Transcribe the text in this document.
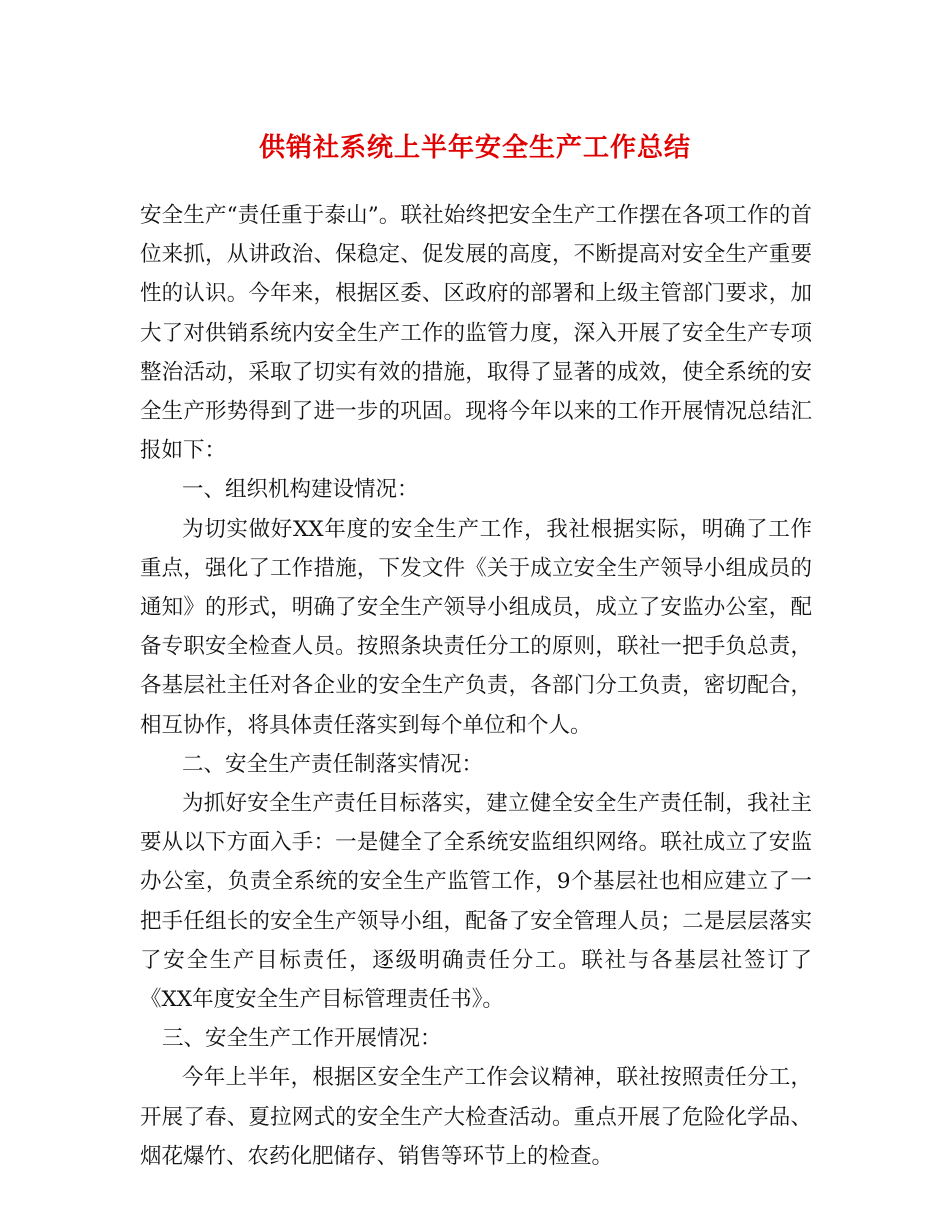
供销社系统上半年安全生产工作总结

安全生产“责任重于泰山”。联社始终把安全生产工作摆在各项工作的首位来抓，从讲政治、保稳定、促发展的高度，不断提高对安全生产重要性的认识。今年来，根据区委、区政府的部署和上级主管部门要求，加大了对供销系统内安全生产工作的监管力度，深入开展了安全生产专项整治活动，采取了切实有效的措施，取得了显著的成效，使全系统的安全生产形势得到了进一步的巩固。现将今年以来的工作开展情况总结汇报如下：

一、组织机构建设情况：

为切实做好XX年度的安全生产工作，我社根据实际，明确了工作重点，强化了工作措施，下发文件《关于成立安全生产领导小组成员的通知》的形式，明确了安全生产领导小组成员，成立了安监办公室，配备专职安全检查人员。按照条块责任分工的原则，联社一把手负总责，各基层社主任对各企业的安全生产负责，各部门分工负责，密切配合，相互协作，将具体责任落实到每个单位和个人。

二、安全生产责任制落实情况：

为抓好安全生产责任目标落实，建立健全安全生产责任制，我社主要从以下方面入手：一是健全了全系统安监组织网络。联社成立了安监办公室，负责全系统的安全生产监管工作，9个基层社也相应建立了一把手任组长的安全生产领导小组，配备了安全管理人员；二是层层落实了安全生产目标责任，逐级明确责任分工。联社与各基层社签订了《XX年度安全生产目标管理责任书》。

三、安全生产工作开展情况：

今年上半年，根据区安全生产工作会议精神，联社按照责任分工，开展了春、夏拉网式的安全生产大检查活动。重点开展了危险化学品、烟花爆竹、农药化肥储存、销售等环节上的检查。
